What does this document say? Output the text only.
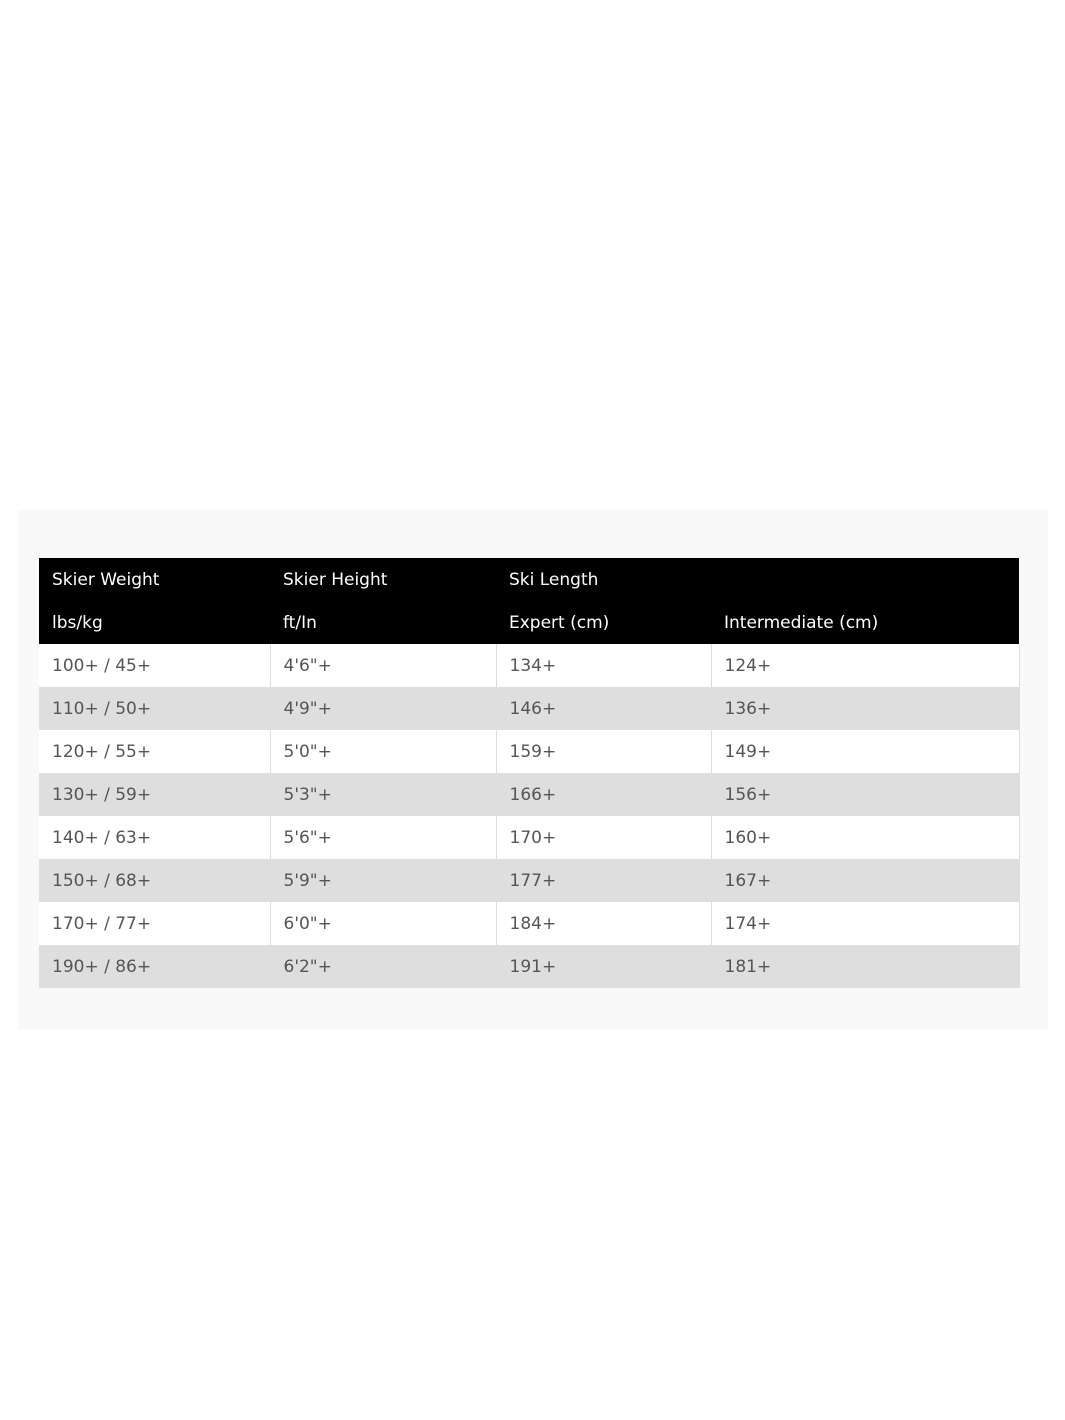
Skier Weight	Skier Height	Ski Length	
lbs/kg	ft/In	Expert (cm)	Intermediate (cm)
100+ / 45+	4'6"+	134+	124+
110+ / 50+	4'9"+	146+	136+
120+ / 55+	5'0"+	159+	149+
130+ / 59+	5'3"+	166+	156+
140+ / 63+	5'6"+	170+	160+
150+ / 68+	5'9"+	177+	167+
170+ / 77+	6'0"+	184+	174+
190+ / 86+	6'2"+	191+	181+
